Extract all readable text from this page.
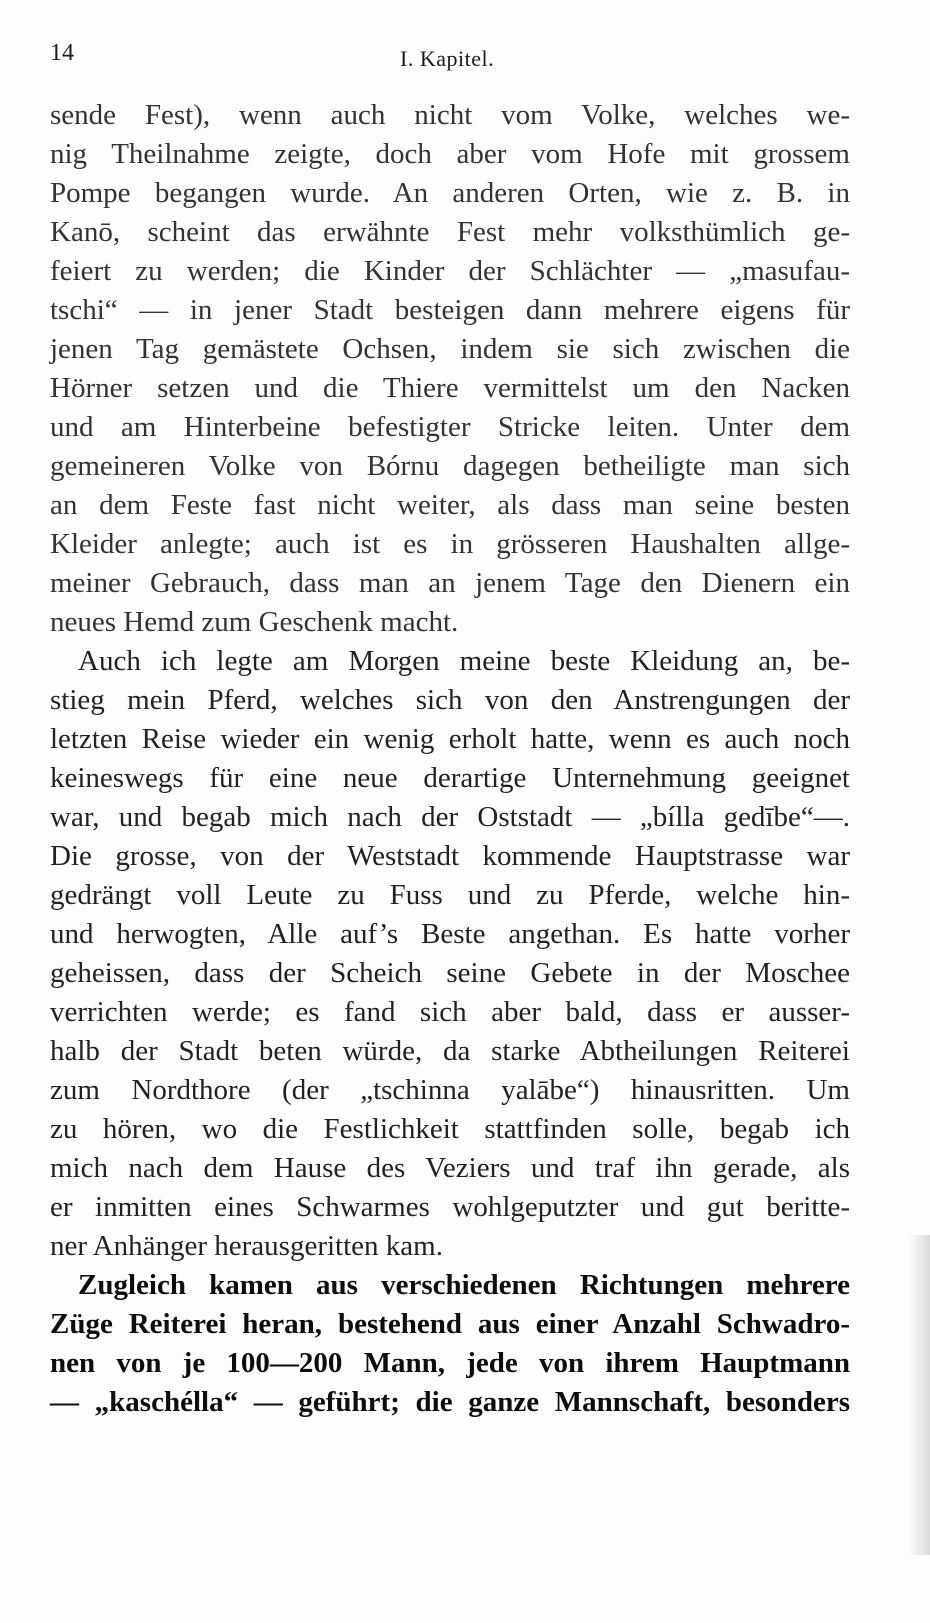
14	I. Kapitel.
sende Fest), wenn auch nicht vom Volke, welches we-
nig Theilnahme zeigte, doch aber vom Hofe mit grossem
Pompe begangen wurde. An anderen Orten, wie z. B. in
Kanō, scheint das erwähnte Fest mehr volksthümlich ge-
feiert zu werden; die Kinder der Schlächter — „masufau-
tschi“ — in jener Stadt besteigen dann mehrere eigens für
jenen Tag gemästete Ochsen, indem sie sich zwischen die
Hörner setzen und die Thiere vermittelst um den Nacken
und am Hinterbeine befestigter Stricke leiten. Unter dem
gemeineren Volke von Bórnu dagegen betheiligte man sich
an dem Feste fast nicht weiter, als dass man seine besten
Kleider anlegte; auch ist es in grösseren Haushalten allge-
meiner Gebrauch, dass man an jenem Tage den Dienern ein
neues Hemd zum Geschenk macht.
Auch ich legte am Morgen meine beste Kleidung an, be-
stieg mein Pferd, welches sich von den Anstrengungen der
letzten Reise wieder ein wenig erholt hatte, wenn es auch noch
keineswegs für eine neue derartige Unternehmung geeignet
war, und begab mich nach der Oststadt — „bílla gedībe“—.
Die grosse, von der Weststadt kommende Hauptstrasse war
gedrängt voll Leute zu Fuss und zu Pferde, welche hin-
und herwogten, Alle auf’s Beste angethan. Es hatte vorher
geheissen, dass der Scheich seine Gebete in der Moschee
verrichten werde; es fand sich aber bald, dass er ausser-
halb der Stadt beten würde, da starke Abtheilungen Reiterei
zum Nordthore (der „tschinna yalābe“) hinausritten. Um
zu hören, wo die Festlichkeit stattfinden solle, begab ich
mich nach dem Hause des Veziers und traf ihn gerade, als
er inmitten eines Schwarmes wohlgeputzter und gut beritte-
ner Anhänger herausgeritten kam.
Zugleich kamen aus verschiedenen Richtungen mehrere
Züge Reiterei heran, bestehend aus einer Anzahl Schwadro-
nen von je 100—200 Mann, jede von ihrem Hauptmann
— „kaschélla“ — geführt; die ganze Mannschaft, besonders
